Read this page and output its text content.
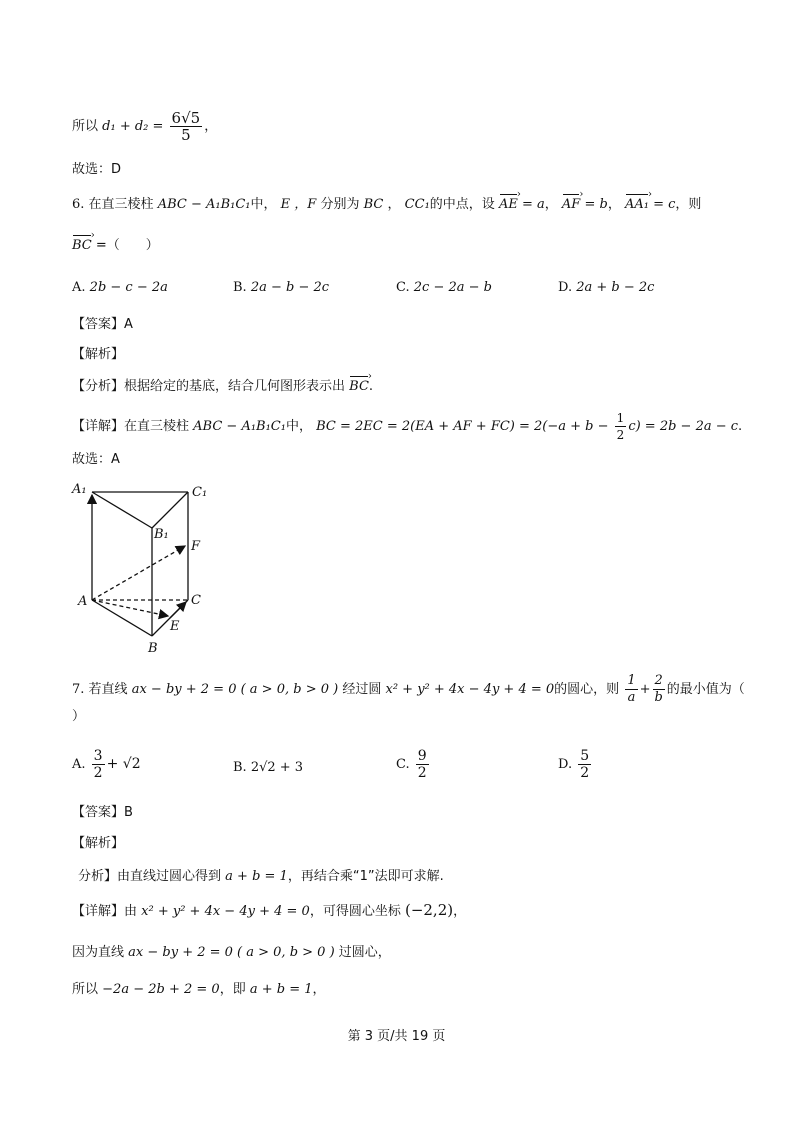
所以 $d_1 + d_2 = \frac{6√5}{5}$ ，
故选：D
6. 在直三棱柱 ABC − A₁B₁C₁中， E ，F 分别为 BC ， CC₁的中点，设 AE › = a， AF › = b， AA₁ › = c，则
BC › =（　　）
A. 2b − c − 2a	B. 2a − b − 2c	C. 2c − 2a − b	D. 2a + b − 2c
【答案】A
【解析】
【分析】根据给定的基底，结合几何图形表示出 BC ›.
【详解】在直三棱柱 ABC − A₁B₁C₁中， BC = 2EC = 2(EA + AF + $FC) = 2(-a + b - \frac{1}{2} c) = 2b - 2a - c$.
故选：A
A₁	C₁
B₁
F
A	C
E
B
7. 若直线 ax − by + 2 = 0 ( a > 0, b > 0 ) 经过圆 x² + y² + 4x − 4y + 4 = 0的圆心，则 $\frac{1}{a} + \frac{2}{b}$ 的最小值为（
）
A. $\frac{3}{2} + √2$	B. 2√2 + 3	C. $\frac{9}{2}$	D. $\frac{5}{2}$
【答案】B
【解析】
分析】由直线过圆心得到 a + b = 1，再结合乘“1”法即可求解.
【详解】由 x² + y² + 4x − 4y + 4 = 0，可得圆心坐标 (−2,2)，
因为直线 ax − by + 2 = 0 ( a > 0, b > 0 ) 过圆心，
所以 −2a − 2b + 2 = 0，即 a + b = 1，
第 3 页/共 19 页
